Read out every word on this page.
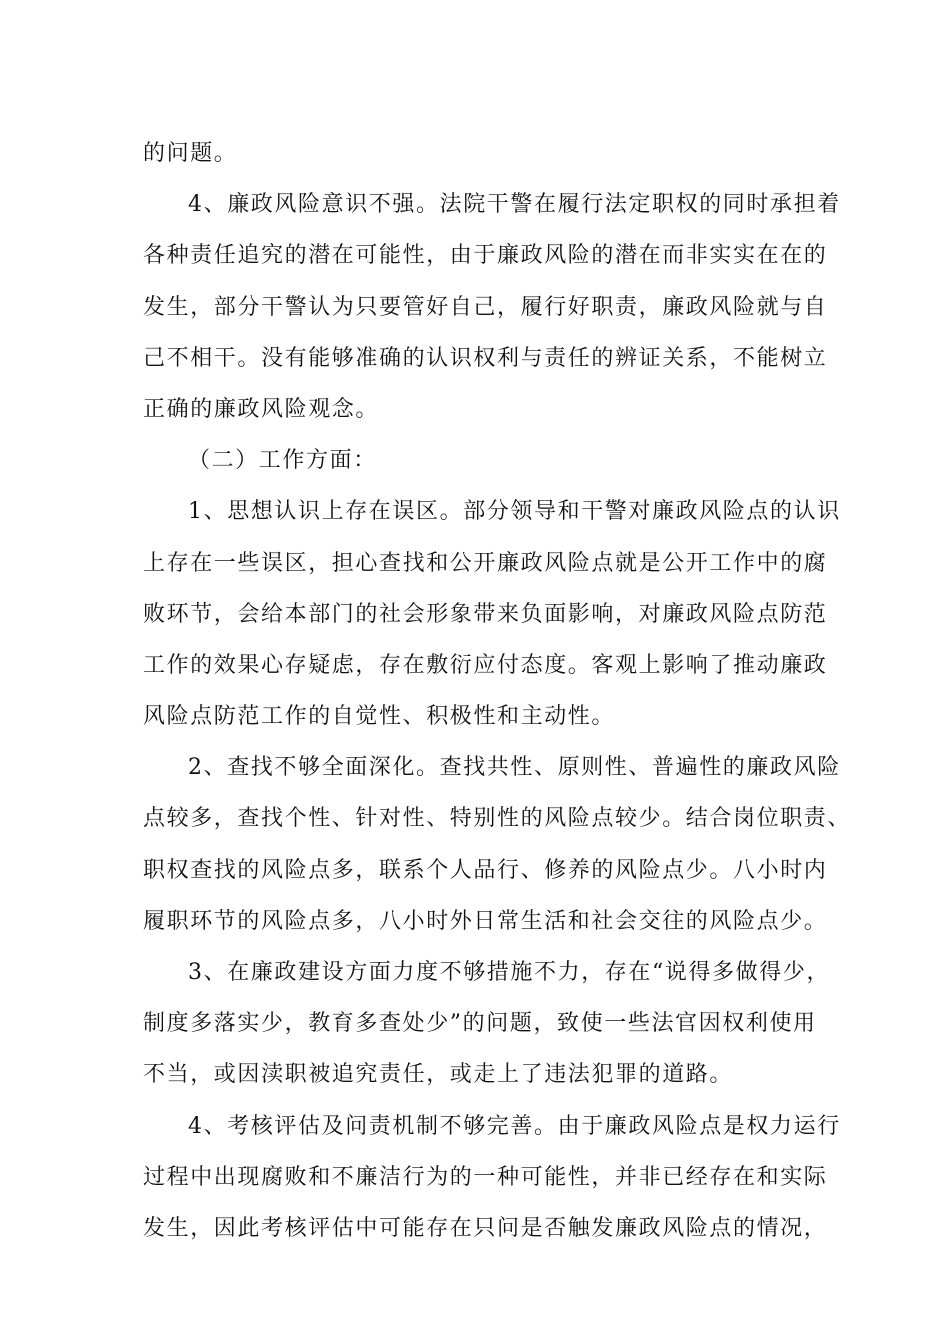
的问题。
4、廉政风险意识不强。法院干警在履行法定职权的同时承担着
各种责任追究的潜在可能性，由于廉政风险的潜在而非实实在在的
发生，部分干警认为只要管好自己，履行好职责，廉政风险就与自
己不相干。没有能够准确的认识权利与责任的辨证关系，不能树立
正确的廉政风险观念。
（二）工作方面：
1、思想认识上存在误区。部分领导和干警对廉政风险点的认识
上存在一些误区，担心查找和公开廉政风险点就是公开工作中的腐
败环节，会给本部门的社会形象带来负面影响，对廉政风险点防范
工作的效果心存疑虑，存在敷衍应付态度。客观上影响了推动廉政
风险点防范工作的自觉性、积极性和主动性。
2、查找不够全面深化。查找共性、原则性、普遍性的廉政风险
点较多，查找个性、针对性、特别性的风险点较少。结合岗位职责、
职权查找的风险点多，联系个人品行、修养的风险点少。八小时内
履职环节的风险点多，八小时外日常生活和社会交往的风险点少。
3、在廉政建设方面力度不够措施不力，存在“说得多做得少，
制度多落实少，教育多查处少”的问题，致使一些法官因权利使用
不当，或因渎职被追究责任，或走上了违法犯罪的道路。
4、考核评估及问责机制不够完善。由于廉政风险点是权力运行
过程中出现腐败和不廉洁行为的一种可能性，并非已经存在和实际
发生，因此考核评估中可能存在只问是否触发廉政风险点的情况，
